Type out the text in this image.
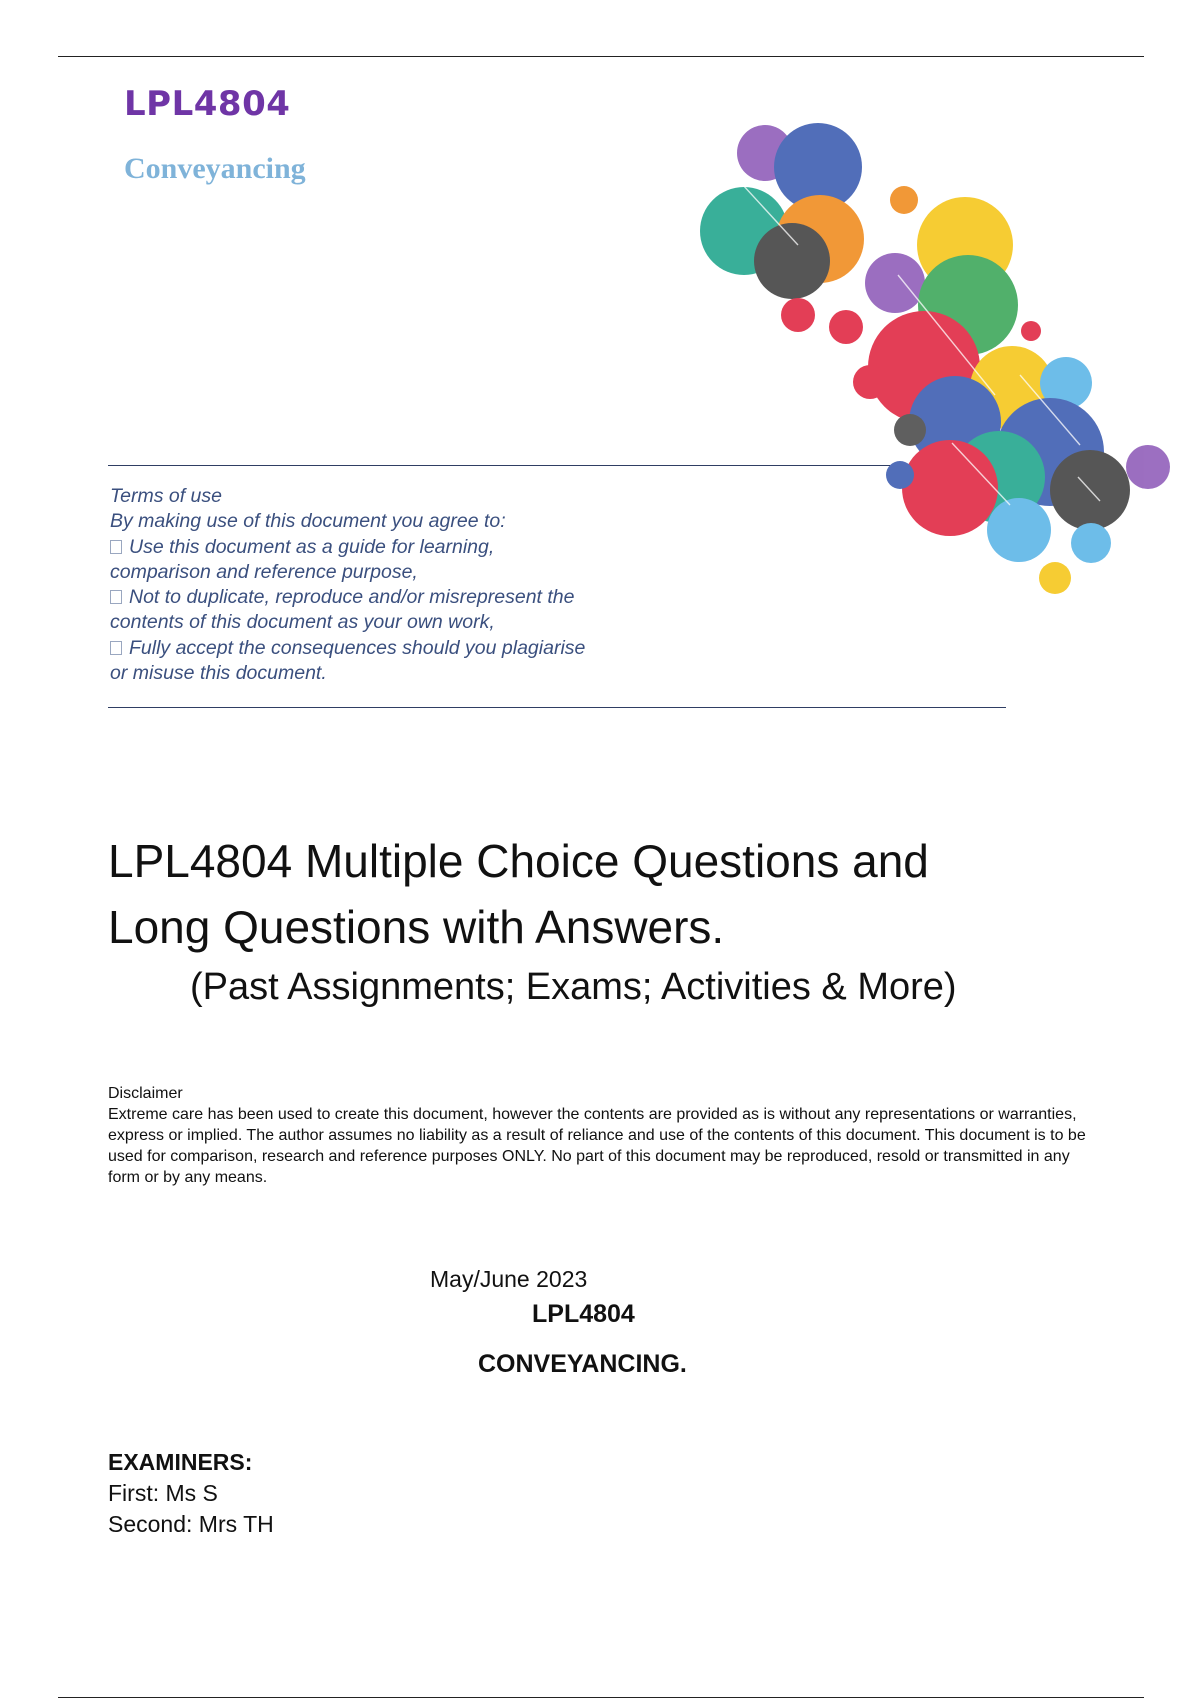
LPL4804
Conveyancing
Terms of use
By making use of this document you agree to:
Use this document as a guide for learning,
comparison and reference purpose,
Not to duplicate, reproduce and/or misrepresent the
contents of this document as your own work,
Fully accept the consequences should you plagiarise
or misuse this document.
LPL4804 Multiple Choice Questions and
Long Questions with Answers.
(Past Assignments; Exams; Activities & More)

Disclaimer

Extreme care has been used to create this document, however the contents are provided as is without any representations or warranties, express or implied. The author assumes no liability as a result of reliance and use of the contents of this document. This document is to be used for comparison, research and reference purposes ONLY. No part of this document may be reproduced, resold or transmitted in any form or by any means.

May/June 2023
LPL4804
CONVEYANCING.
EXAMINERS:
First: Ms S
Second: Mrs TH
